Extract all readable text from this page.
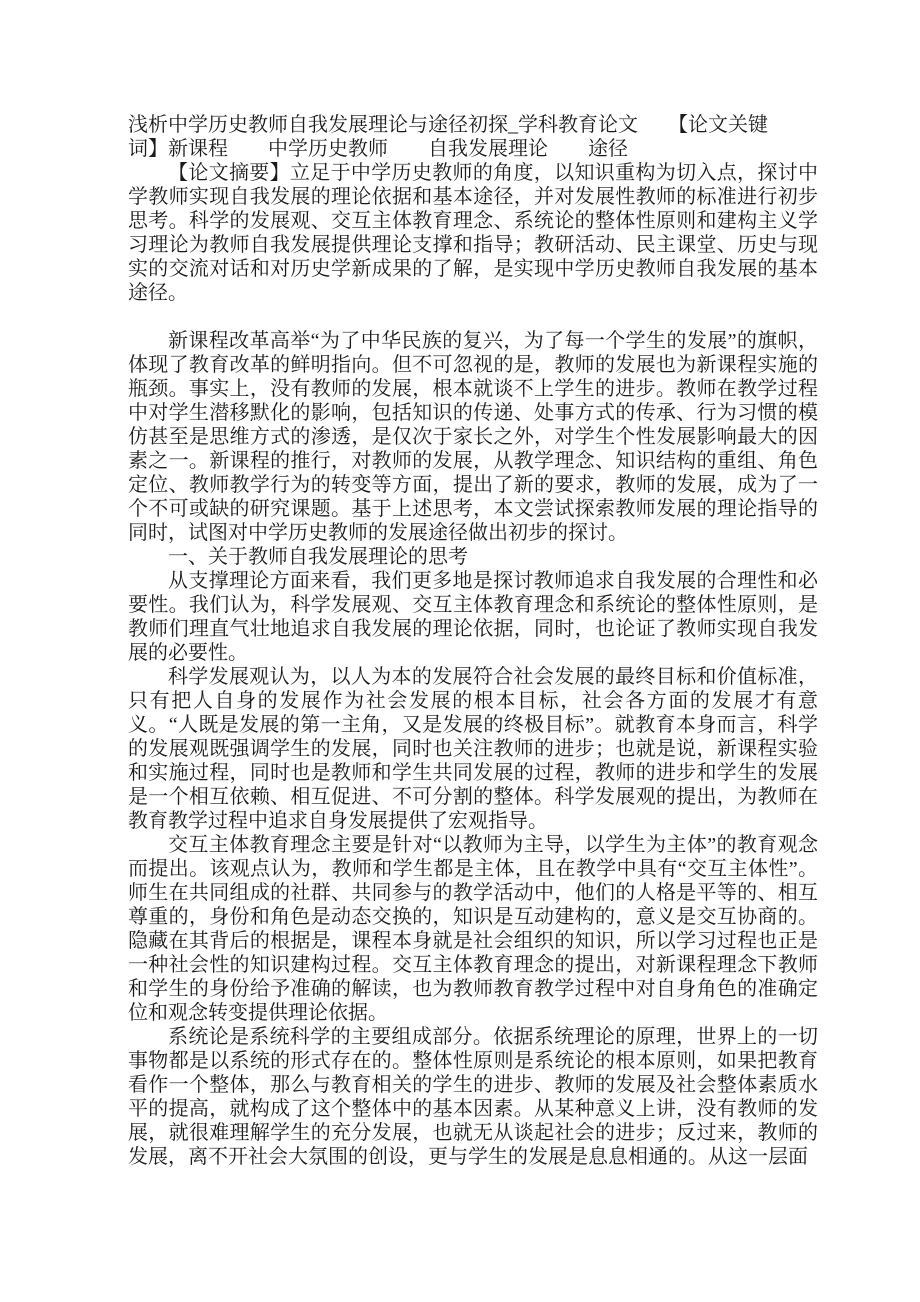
浅析中学历史教师自我发展理论与途径初探_学科教育论文　　【论文关键词】新课程　　中学历史教师　　自我发展理论　　途径

【论文摘要】立足于中学历史教师的角度，以知识重构为切入点，探讨中学教师实现自我发展的理论依据和基本途径，并对发展性教师的标准进行初步思考。科学的发展观、交互主体教育理念、系统论的整体性原则和建构主义学习理论为教师自我发展提供理论支撑和指导；教研活动、民主课堂、历史与现实的交流对话和对历史学新成果的了解，是实现中学历史教师自我发展的基本途径。

新课程改革高举“为了中华民族的复兴，为了每一个学生的发展”的旗帜，体现了教育改革的鲜明指向。但不可忽视的是，教师的发展也为新课程实施的瓶颈。事实上，没有教师的发展，根本就谈不上学生的进步。教师在教学过程中对学生潜移默化的影响，包括知识的传递、处事方式的传承、行为习惯的模仿甚至是思维方式的渗透，是仅次于家长之外，对学生个性发展影响最大的因素之一。新课程的推行，对教师的发展，从教学理念、知识结构的重组、角色定位、教师教学行为的转变等方面，提出了新的要求，教师的发展，成为了一个不可或缺的研究课题。基于上述思考，本文尝试探索教师发展的理论指导的同时，试图对中学历史教师的发展途径做出初步的探讨。

一、关于教师自我发展理论的思考

从支撑理论方面来看，我们更多地是探讨教师追求自我发展的合理性和必要性。我们认为，科学发展观、交互主体教育理念和系统论的整体性原则，是教师们理直气壮地追求自我发展的理论依据，同时，也论证了教师实现自我发展的必要性。

科学发展观认为，以人为本的发展符合社会发展的最终目标和价值标准，只有把人自身的发展作为社会发展的根本目标，社会各方面的发展才有意义。“人既是发展的第一主角，又是发展的终极目标”。就教育本身而言，科学的发展观既强调学生的发展，同时也关注教师的进步；也就是说，新课程实验和实施过程，同时也是教师和学生共同发展的过程，教师的进步和学生的发展是一个相互依赖、相互促进、不可分割的整体。科学发展观的提出，为教师在教育教学过程中追求自身发展提供了宏观指导。

交互主体教育理念主要是针对“以教师为主导，以学生为主体”的教育观念而提出。该观点认为，教师和学生都是主体，且在教学中具有“交互主体性”。师生在共同组成的社群、共同参与的教学活动中，他们的人格是平等的、相互尊重的，身份和角色是动态交换的，知识是互动建构的，意义是交互协商的。隐藏在其背后的根据是，课程本身就是社会组织的知识，所以学习过程也正是一种社会性的知识建构过程。交互主体教育理念的提出，对新课程理念下教师和学生的身份给予准确的解读，也为教师教育教学过程中对自身角色的准确定位和观念转变提供理论依据。

系统论是系统科学的主要组成部分。依据系统理论的原理，世界上的一切事物都是以系统的形式存在的。整体性原则是系统论的根本原则，如果把教育看作一个整体，那么与教育相关的学生的进步、教师的发展及社会整体素质水平的提高，就构成了这个整体中的基本因素。从某种意义上讲，没有教师的发展，就很难理解学生的充分发展，也就无从谈起社会的进步；反过来，教师的发展，离不开社会大氛围的创设，更与学生的发展是息息相通的。从这一层面
